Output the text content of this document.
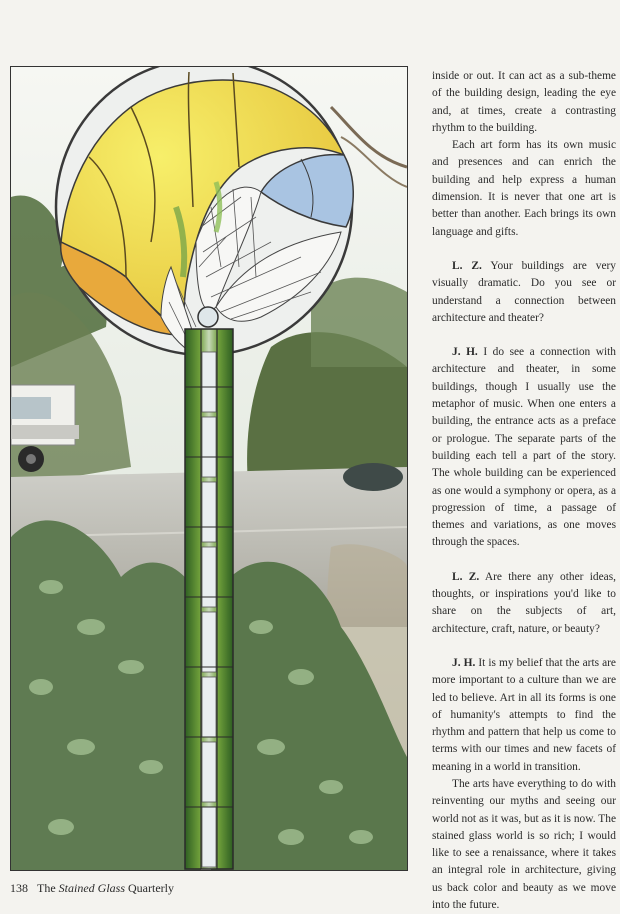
inside or out. It can act as a sub-theme of the building design, leading the eye and, at times, create a contrasting rhythm to the building.

Each art form has its own music and presences and can enrich the building and help express a human dimension. It is never that one art is better than another. Each brings its own language and gifts.

L. Z. Your buildings are very visually dramatic. Do you see or understand a connection between architecture and theater?

J. H. I do see a connection with architecture and theater, in some buildings, though I usually use the metaphor of music. When one enters a building, the entrance acts as a preface or prologue. The separate parts of the building each tell a part of the story. The whole building can be experienced as one would a symphony or opera, as a progression of time, a passage of themes and variations, as one moves through the spaces.

L. Z. Are there any other ideas, thoughts, or inspirations you'd like to share on the subjects of art, architecture, craft, nature, or beauty?

J. H. It is my belief that the arts are more important to a culture than we are led to believe. Art in all its forms is one of humanity's attempts to find the rhythm and pattern that help us come to terms with our times and new facets of meaning in a world in transition.

The arts have everything to do with reinventing our myths and seeing our world not as it was, but as it is now. The stained glass world is so rich; I would like to see a renaissance, where it takes an integral role in architecture, giving us back color and beauty as we move into the future.

138 The Stained Glass Quarterly
